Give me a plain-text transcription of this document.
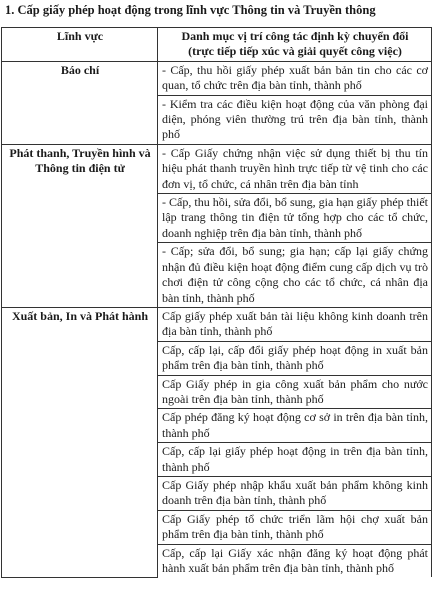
1. Cấp giấy phép hoạt động trong lĩnh vực Thông tin và Truyền thông
Lĩnh vực	Danh mục vị trí công tác định kỳ chuyển đổi
(trực tiếp tiếp xúc và giải quyết công việc)

Báo chí	- Cấp, thu hồi giấy phép xuất bản bản tin cho các cơ quan, tổ chức trên địa bàn tỉnh, thành phố
	- Kiểm tra các điều kiện hoạt động của văn phòng đại diện, phóng viên thường trú trên địa bàn tỉnh, thành phố
Phát thanh, Truyền hình và Thông tin điện tử	- Cấp Giấy chứng nhận việc sử dụng thiết bị thu tín hiệu phát thanh truyền hình trực tiếp từ vệ tinh cho các đơn vị, tổ chức, cá nhân trên địa bàn tỉnh
	- Cấp, thu hồi, sửa đổi, bổ sung, gia hạn giấy phép thiết lập trang thông tin điện tử tổng hợp cho các tổ chức, doanh nghiệp trên địa bàn tỉnh, thành phố
	- Cấp; sửa đổi, bổ sung; gia hạn; cấp lại giấy chứng nhận đủ điều kiện hoạt động điểm cung cấp dịch vụ trò chơi điện tử công cộng cho các tổ chức, cá nhân địa bàn tỉnh, thành phố
Xuất bản, In và Phát hành	Cấp giấy phép xuất bản tài liệu không kinh doanh trên địa bàn tỉnh, thành phố
	Cấp, cấp lại, cấp đổi giấy phép hoạt động in xuất bản phẩm trên địa bàn tỉnh, thành phố
	Cấp Giấy phép in gia công xuất bản phẩm cho nước ngoài trên địa bàn tỉnh, thành phố
	Cấp phép đăng ký hoạt động cơ sở in trên địa bàn tỉnh, thành phố
	Cấp, cấp lại giấy phép hoạt động in trên địa bàn tỉnh, thành phố
	Cấp Giấy phép nhập khẩu xuất bản phẩm không kinh doanh trên địa bàn tỉnh, thành phố
	Cấp Giấy phép tổ chức triển lãm hội chợ xuất bản phẩm trên địa bàn tỉnh, thành phố
	Cấp, cấp lại Giấy xác nhận đăng ký hoạt động phát hành xuất bản phẩm trên địa bàn tỉnh, thành phố
